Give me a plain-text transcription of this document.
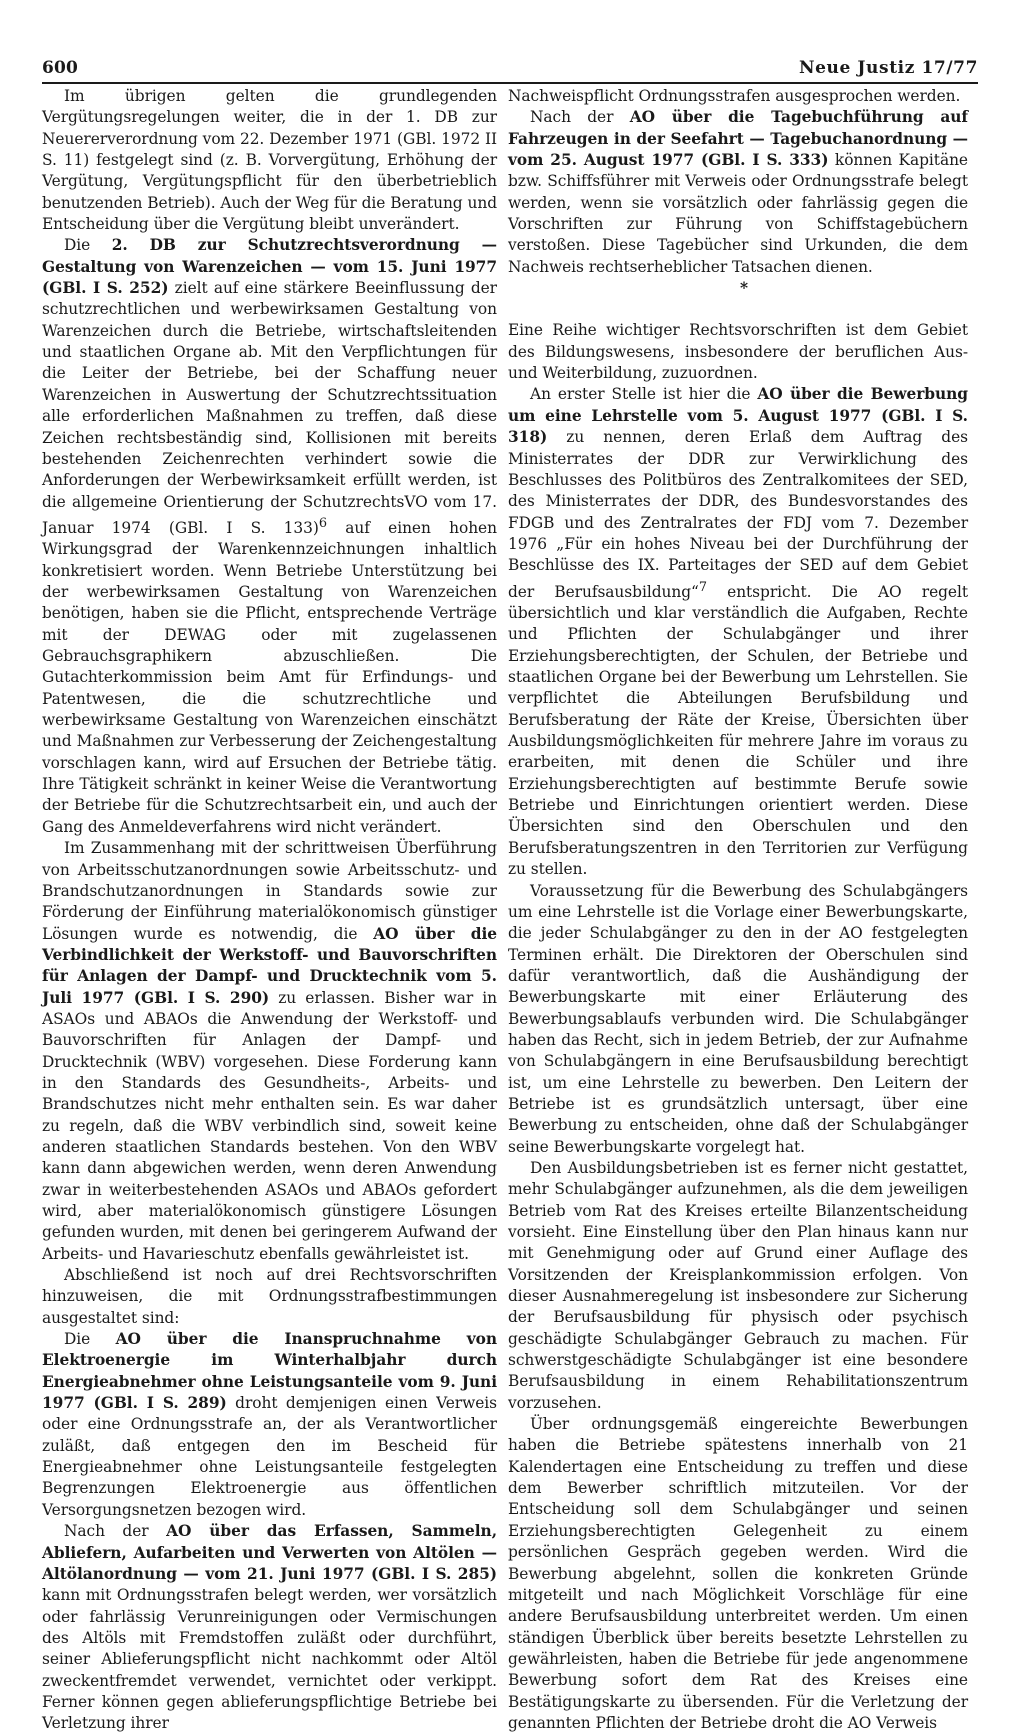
600	Neue Justiz 17/77

Im übrigen gelten die grundlegenden Vergütungsregelungen weiter, die in der 1. DB zur Neuererverordnung vom 22. Dezember 1971 (GBl. 1972 II S. 11) festgelegt sind (z. B. Vorvergütung, Erhöhung der Vergütung, Vergütungspflicht für den überbetrieblich benutzenden Betrieb). Auch der Weg für die Beratung und Entscheidung über die Vergütung bleibt unverändert.

Die 2. DB zur Schutzrechtsverordnung — Gestaltung von Warenzeichen — vom 15. Juni 1977 (GBl. I S. 252) zielt auf eine stärkere Beeinflussung der schutzrechtlichen und werbewirksamen Gestaltung von Warenzeichen durch die Betriebe, wirtschaftsleitenden und staatlichen Organe ab. Mit den Verpflichtungen für die Leiter der Betriebe, bei der Schaffung neuer Warenzeichen in Auswertung der Schutzrechtssituation alle erforderlichen Maßnahmen zu treffen, daß diese Zeichen rechtsbeständig sind, Kollisionen mit bereits bestehenden Zeichenrechten verhindert sowie die Anforderungen der Werbewirksamkeit erfüllt werden, ist die allgemeine Orientierung der SchutzrechtsVO vom 17. Januar 1974 (GBl. I S. 133)$^6$ auf einen hohen Wirkungsgrad der Warenkennzeichnungen inhaltlich konkretisiert worden. Wenn Betriebe Unterstützung bei der werbewirksamen Gestaltung von Warenzeichen benötigen, haben sie die Pflicht, entsprechende Verträge mit der DEWAG oder mit zugelassenen Gebrauchsgraphikern abzuschließen. Die Gutachterkommission beim Amt für Erfindungs- und Patentwesen, die die schutzrechtliche und werbewirksame Gestaltung von Warenzeichen einschätzt und Maßnahmen zur Verbesserung der Zeichengestaltung vorschlagen kann, wird auf Ersuchen der Betriebe tätig. Ihre Tätigkeit schränkt in keiner Weise die Verantwortung der Betriebe für die Schutzrechtsarbeit ein, und auch der Gang des Anmeldeverfahrens wird nicht verändert.

Im Zusammenhang mit der schrittweisen Überführung von Arbeitsschutzanordnungen sowie Arbeitsschutz- und Brandschutzanordnungen in Standards sowie zur Förderung der Einführung materialökonomisch günstiger Lösungen wurde es notwendig, die AO über die Verbindlichkeit der Werkstoff- und Bauvorschriften für Anlagen der Dampf- und Drucktechnik vom 5. Juli 1977 (GBl. I S. 290) zu erlassen. Bisher war in ASAOs und ABAOs die Anwendung der Werkstoff- und Bauvorschriften für Anlagen der Dampf- und Drucktechnik (WBV) vorgesehen. Diese Forderung kann in den Standards des Gesundheits-, Arbeits- und Brandschutzes nicht mehr enthalten sein. Es war daher zu regeln, daß die WBV verbindlich sind, soweit keine anderen staatlichen Standards bestehen. Von den WBV kann dann abgewichen werden, wenn deren Anwendung zwar in weiterbestehenden ASAOs und ABAOs gefordert wird, aber materialökonomisch günstigere Lösungen gefunden wurden, mit denen bei geringerem Aufwand der Arbeits- und Havarieschutz ebenfalls gewährleistet ist.

Abschließend ist noch auf drei Rechtsvorschriften hinzuweisen, die mit Ordnungsstrafbestimmungen ausgestaltet sind:

Die AO über die Inanspruchnahme von Elektroenergie im Winterhalbjahr durch Energieabnehmer ohne Leistungsanteile vom 9. Juni 1977 (GBl. I S. 289) droht demjenigen einen Verweis oder eine Ordnungsstrafe an, der als Verantwortlicher zuläßt, daß entgegen den im Bescheid für Energieabnehmer ohne Leistungsanteile festgelegten Begrenzungen Elektroenergie aus öffentlichen Versorgungsnetzen bezogen wird.

Nach der AO über das Erfassen, Sammeln, Abliefern, Aufarbeiten und Verwerten von Altölen — Altölanordnung — vom 21. Juni 1977 (GBl. I S. 285) kann mit Ordnungsstrafen belegt werden, wer vorsätzlich oder fahrlässig Verunreinigungen oder Vermischungen des Altöls mit Fremdstoffen zuläßt oder durchführt, seiner Ablieferungspflicht nicht nachkommt oder Altöl zweckentfremdet verwendet, vernichtet oder verkippt. Ferner können gegen ablieferungspflichtige Betriebe bei Verletzung ihrer

Nachweispflicht Ordnungsstrafen ausgesprochen werden.

Nach der AO über die Tagebuchführung auf Fahrzeugen in der Seefahrt — Tagebuchanordnung — vom 25. August 1977 (GBl. I S. 333) können Kapitäne bzw. Schiffsführer mit Verweis oder Ordnungsstrafe belegt werden, wenn sie vorsätzlich oder fahrlässig gegen die Vorschriften zur Führung von Schiffstagebüchern verstoßen. Diese Tagebücher sind Urkunden, die dem Nachweis rechtserheblicher Tatsachen dienen.

*

Eine Reihe wichtiger Rechtsvorschriften ist dem Gebiet des Bildungswesens, insbesondere der beruflichen Aus- und Weiterbildung, zuzuordnen.

An erster Stelle ist hier die AO über die Bewerbung um eine Lehrstelle vom 5. August 1977 (GBl. I S. 318) zu nennen, deren Erlaß dem Auftrag des Ministerrates der DDR zur Verwirklichung des Beschlusses des Politbüros des Zentralkomitees der SED, des Ministerrates der DDR, des Bundesvorstandes des FDGB und des Zentralrates der FDJ vom 7. Dezember 1976 „Für ein hohes Niveau bei der Durchführung der Beschlüsse des IX. Parteitages der SED auf dem Gebiet der Berufsausbildung“$^7$ entspricht. Die AO regelt übersichtlich und klar verständlich die Aufgaben, Rechte und Pflichten der Schulabgänger und ihrer Erziehungsberechtigten, der Schulen, der Betriebe und staatlichen Organe bei der Bewerbung um Lehrstellen. Sie verpflichtet die Abteilungen Berufsbildung und Berufsberatung der Räte der Kreise, Übersichten über Ausbildungsmöglichkeiten für mehrere Jahre im voraus zu erarbeiten, mit denen die Schüler und ihre Erziehungsberechtigten auf bestimmte Berufe sowie Betriebe und Einrichtungen orientiert werden. Diese Übersichten sind den Oberschulen und den Berufsberatungszentren in den Territorien zur Verfügung zu stellen.

Voraussetzung für die Bewerbung des Schulabgängers um eine Lehrstelle ist die Vorlage einer Bewerbungskarte, die jeder Schulabgänger zu den in der AO festgelegten Terminen erhält. Die Direktoren der Oberschulen sind dafür verantwortlich, daß die Aushändigung der Bewerbungskarte mit einer Erläuterung des Bewerbungsablaufs verbunden wird. Die Schulabgänger haben das Recht, sich in jedem Betrieb, der zur Aufnahme von Schulabgängern in eine Berufsausbildung berechtigt ist, um eine Lehrstelle zu bewerben. Den Leitern der Betriebe ist es grundsätzlich untersagt, über eine Bewerbung zu entscheiden, ohne daß der Schulabgänger seine Bewerbungskarte vorgelegt hat.

Den Ausbildungsbetrieben ist es ferner nicht gestattet, mehr Schulabgänger aufzunehmen, als die dem jeweiligen Betrieb vom Rat des Kreises erteilte Bilanzentscheidung vorsieht. Eine Einstellung über den Plan hinaus kann nur mit Genehmigung oder auf Grund einer Auflage des Vorsitzenden der Kreisplankommission erfolgen. Von dieser Ausnahmeregelung ist insbesondere zur Sicherung der Berufsausbildung für physisch oder psychisch geschädigte Schulabgänger Gebrauch zu machen. Für schwerstgeschädigte Schulabgänger ist eine besondere Berufsausbildung in einem Rehabilitationszentrum vorzusehen.

Über ordnungsgemäß eingereichte Bewerbungen haben die Betriebe spätestens innerhalb von 21 Kalendertagen eine Entscheidung zu treffen und diese dem Bewerber schriftlich mitzuteilen. Vor der Entscheidung soll dem Schulabgänger und seinen Erziehungsberechtigten Gelegenheit zu einem persönlichen Gespräch gegeben werden. Wird die Bewerbung abgelehnt, sollen die konkreten Gründe mitgeteilt und nach Möglichkeit Vorschläge für eine andere Berufsausbildung unterbreitet werden. Um einen ständigen Überblick über bereits besetzte Lehrstellen zu gewährleisten, haben die Betriebe für jede angenommene Bewerbung sofort dem Rat des Kreises eine Bestätigungskarte zu übersenden. Für die Verletzung der genannten Pflichten der Betriebe droht die AO Verweis
